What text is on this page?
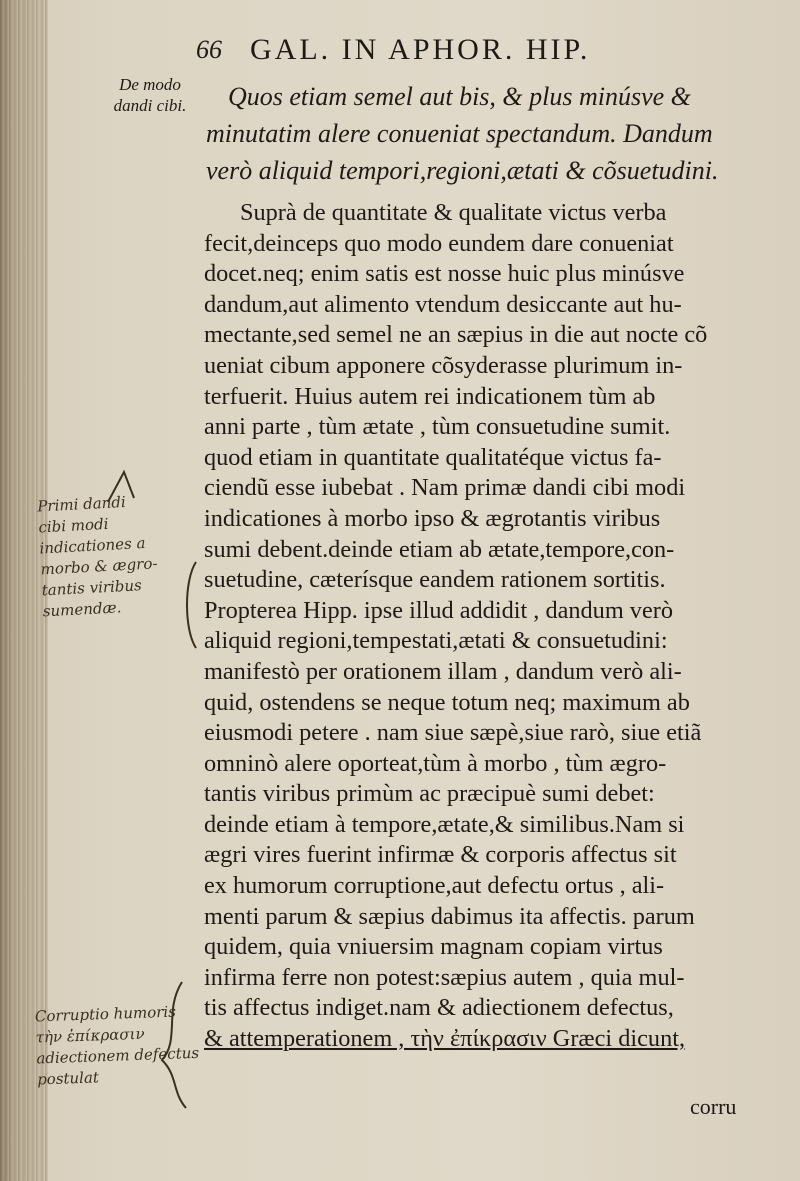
66 GAL. IN APHOR. HIP.
De modo
dandi cibi.	Quos etiam semel aut bis, & plus minúsve &
minutatim alere conueniat spectandum. Dandum
verò aliquid tempori,regioni,ætati & cõsuetudini.
Suprà de quantitate & qualitate victus verba
fecit,deinceps quo modo eundem dare conueniat
docet.neq; enim satis est nosse huic plus minúsve
dandum,aut alimento vtendum desiccante aut hu-
mectante,sed semel ne an sæpius in die aut nocte cõ
ueniat cibum apponere cõsyderasse plurimum in-
terfuerit. Huius autem rei indicationem tùm ab
anni parte , tùm ætate , tùm consuetudine sumit.
quod etiam in quantitate qualitatéque victus fa-
ciendũ esse iubebat . Nam primæ dandi cibi modi
indicationes à morbo ipso & ægrotantis viribus
sumi debent.deinde etiam ab ætate,tempore,con-
suetudine, cæterísque eandem rationem sortitis.
Propterea Hipp. ipse illud addidit , dandum verò
aliquid regioni,tempestati,ætati & consuetudini:
manifestò per orationem illam , dandum verò ali-
quid, ostendens se neque totum neq; maximum ab
eiusmodi petere . nam siue sæpè,siue rarò, siue etiã
omninò alere oporteat,tùm à morbo , tùm ægro-
tantis viribus primùm ac præcipuè sumi debet:
deinde etiam à tempore,ætate,& similibus.Nam si
ægri vires fuerint infirmæ & corporis affectus sit
ex humorum corruptione,aut defectu ortus , ali-
menti parum & sæpius dabimus ita affectis. parum
quidem, quia vniuersim magnam copiam virtus
infirma ferre non potest:sæpius autem , quia mul-
tis affectus indiget.nam & adiectionem defectus,
& attemperationem , τὴν ἐπίκρασιν Græci dicunt,
Primi dandi
cibi modi
indicationes a
morbo & ægro-
tantis viribus
sumendæ.
Corruptio humoris
τὴν ἐπίκρασιν
adiectionem defectus
postulat
corru
